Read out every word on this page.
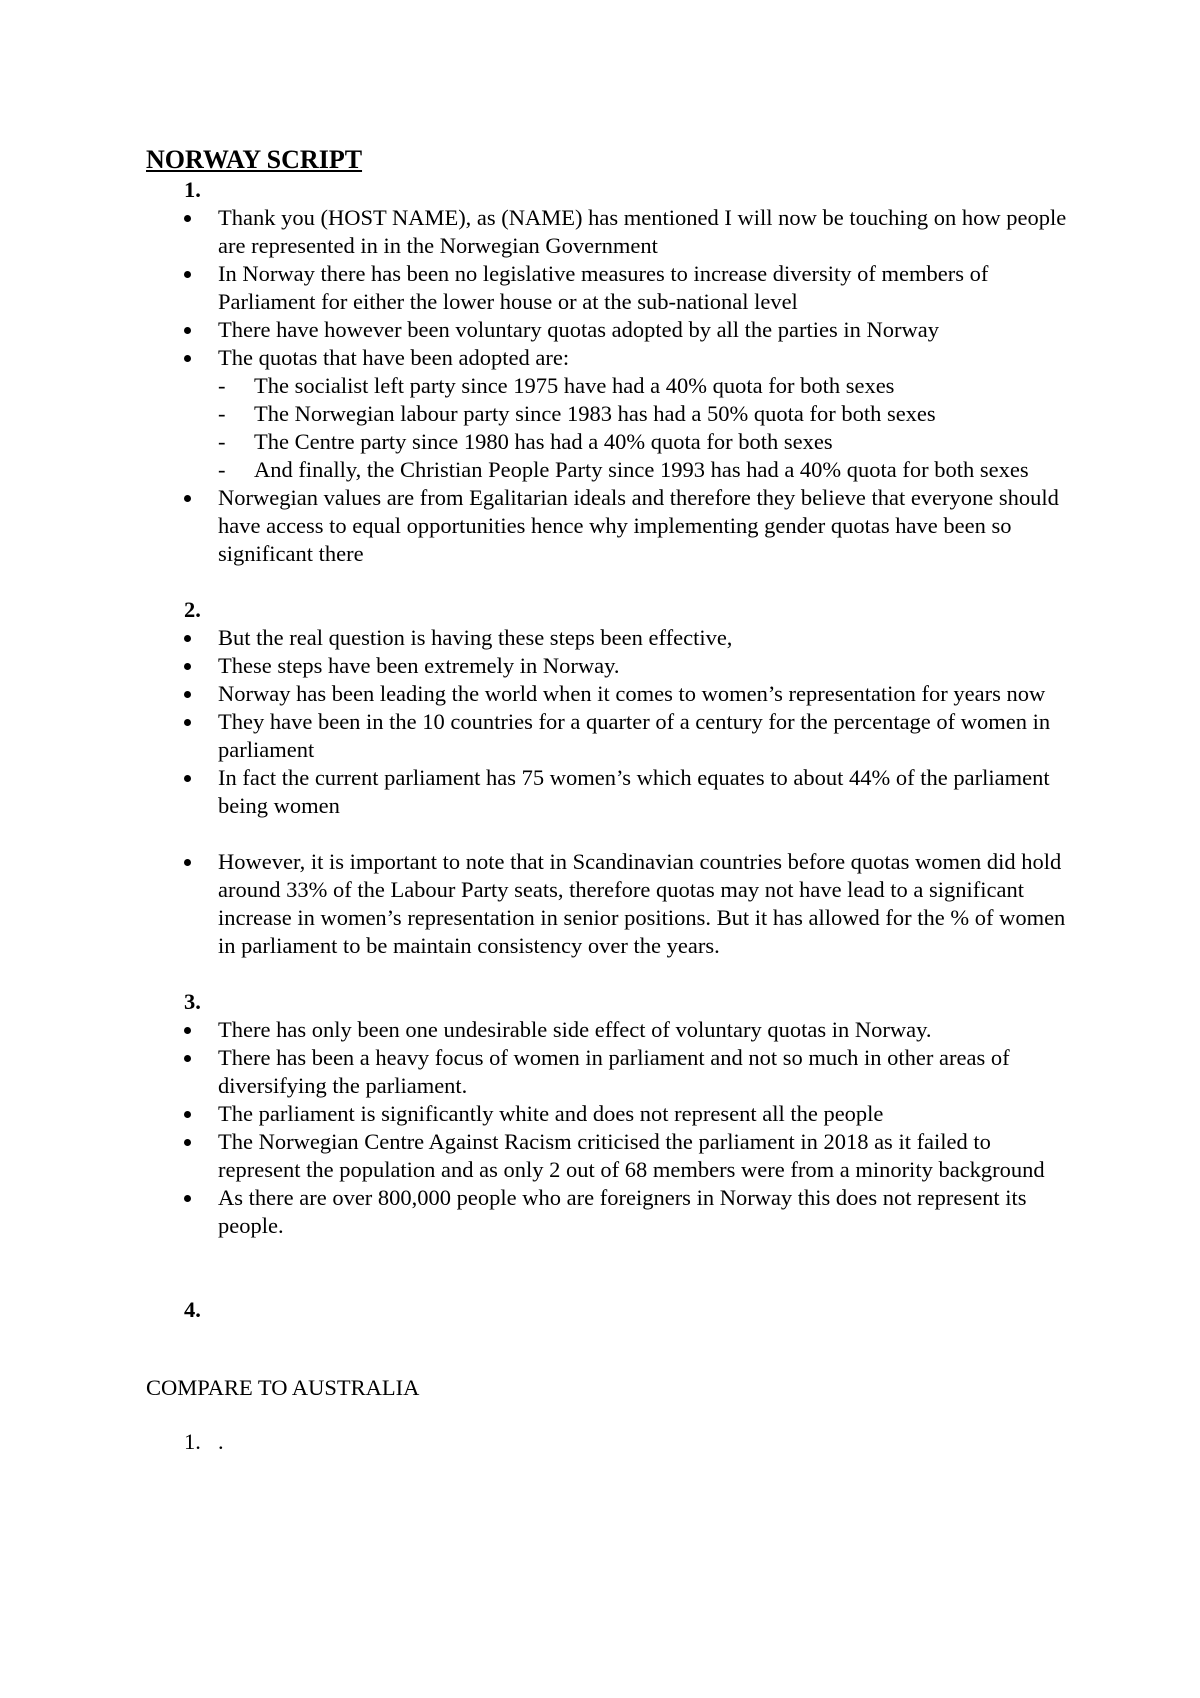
NORWAY SCRIPT
1.
Thank you (HOST NAME), as (NAME) has mentioned I will now be touching on how people are represented in in the Norwegian Government
In Norway there has been no legislative measures to increase diversity of members of Parliament for either the lower house or at the sub-national level
There have however been voluntary quotas adopted by all the parties in Norway
The quotas that have been adopted are:
- The socialist left party since 1975 have had a 40% quota for both sexes
- The Norwegian labour party since 1983 has had a 50% quota for both sexes
- The Centre party since 1980 has had a 40% quota for both sexes
- And finally, the Christian People Party since 1993 has had a 40% quota for both sexes
Norwegian values are from Egalitarian ideals and therefore they believe that everyone should have access to equal opportunities hence why implementing gender quotas have been so significant there
2.
But the real question is having these steps been effective,
These steps have been extremely in Norway.
Norway has been leading the world when it comes to women’s representation for years now
They have been in the 10 countries for a quarter of a century for the percentage of women in parliament
In fact the current parliament has 75 women’s which equates to about 44% of the parliament being women
However, it is important to note that in Scandinavian countries before quotas women did hold around 33% of the Labour Party seats, therefore quotas may not have lead to a significant increase in women’s representation in senior positions. But it has allowed for the % of women in parliament to be maintain consistency over the years.
3.
There has only been one undesirable side effect of voluntary quotas in Norway.
There has been a heavy focus of women in parliament and not so much in other areas of diversifying the parliament.
The parliament is significantly white and does not represent all the people
The Norwegian Centre Against Racism criticised the parliament in 2018 as it failed to represent the population and as only 2 out of 68 members were from a minority background
As there are over 800,000 people who are foreigners in Norway this does not represent its people.
4.
COMPARE TO AUSTRALIA
1. .
